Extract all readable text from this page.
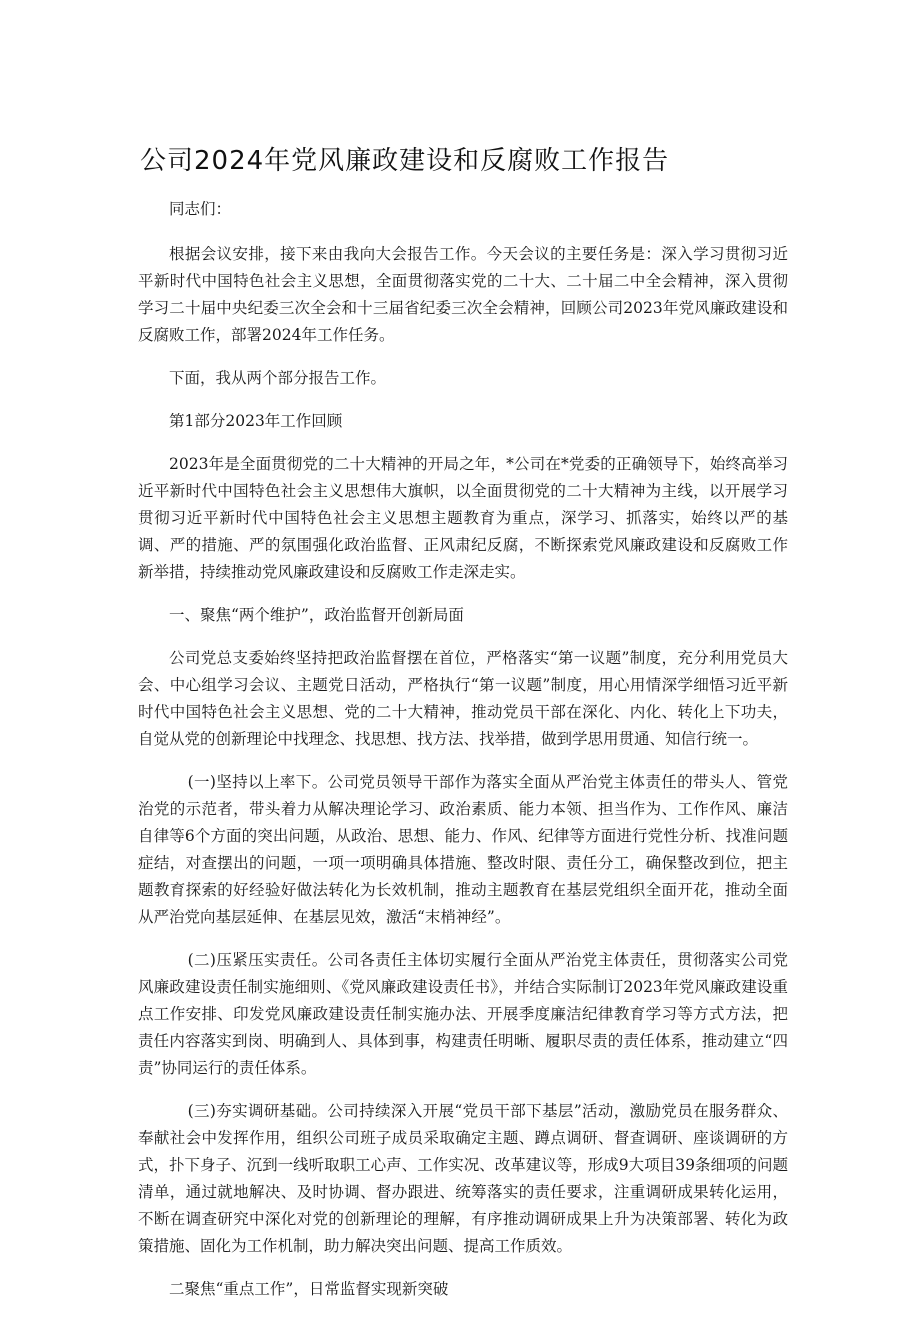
公司2024年党风廉政建设和反腐败工作报告

同志们：

根据会议安排，接下来由我向大会报告工作。今天会议的主要任务是：深入学习贯彻习近平新时代中国特色社会主义思想，全面贯彻落实党的二十大、二十届二中全会精神，深入贯彻学习二十届中央纪委三次全会和十三届省纪委三次全会精神，回顾公司2023年党风廉政建设和反腐败工作，部署2024年工作任务。

下面，我从两个部分报告工作。

第1部分2023年工作回顾

2023年是全面贯彻党的二十大精神的开局之年，*公司在*党委的正确领导下，始终高举习近平新时代中国特色社会主义思想伟大旗帜，以全面贯彻党的二十大精神为主线，以开展学习贯彻习近平新时代中国特色社会主义思想主题教育为重点，深学习、抓落实，始终以严的基调、严的措施、严的氛围强化政治监督、正风肃纪反腐，不断探索党风廉政建设和反腐败工作新举措，持续推动党风廉政建设和反腐败工作走深走实。

一、聚焦“两个维护”，政治监督开创新局面

公司党总支委始终坚持把政治监督摆在首位，严格落实“第一议题”制度，充分利用党员大会、中心组学习会议、主题党日活动，严格执行“第一议题”制度，用心用情深学细悟习近平新时代中国特色社会主义思想、党的二十大精神，推动党员干部在深化、内化、转化上下功夫，自觉从党的创新理论中找理念、找思想、找方法、找举措，做到学思用贯通、知信行统一。

(一)坚持以上率下。公司党员领导干部作为落实全面从严治党主体责任的带头人、管党治党的示范者，带头着力从解决理论学习、政治素质、能力本领、担当作为、工作作风、廉洁自律等6个方面的突出问题，从政治、思想、能力、作风、纪律等方面进行党性分析、找准问题症结，对查摆出的问题，一项一项明确具体措施、整改时限、责任分工，确保整改到位，把主题教育探索的好经验好做法转化为长效机制，推动主题教育在基层党组织全面开花，推动全面从严治党向基层延伸、在基层见效，激活“末梢神经”。

(二)压紧压实责任。公司各责任主体切实履行全面从严治党主体责任，贯彻落实公司党风廉政建设责任制实施细则、《党风廉政建设责任书》，并结合实际制订2023年党风廉政建设重点工作安排、印发党风廉政建设责任制实施办法、开展季度廉洁纪律教育学习等方式方法，把责任内容落实到岗、明确到人、具体到事，构建责任明晰、履职尽责的责任体系，推动建立“四责”协同运行的责任体系。

(三)夯实调研基础。公司持续深入开展“党员干部下基层”活动，激励党员在服务群众、奉献社会中发挥作用，组织公司班子成员采取确定主题、蹲点调研、督查调研、座谈调研的方式，扑下身子、沉到一线听取职工心声、工作实况、改革建议等，形成9大项目39条细项的问题清单，通过就地解决、及时协调、督办跟进、统筹落实的责任要求，注重调研成果转化运用，不断在调查研究中深化对党的创新理论的理解，有序推动调研成果上升为决策部署、转化为政策措施、固化为工作机制，助力解决突出问题、提高工作质效。

二聚焦“重点工作”，日常监督实现新突破
